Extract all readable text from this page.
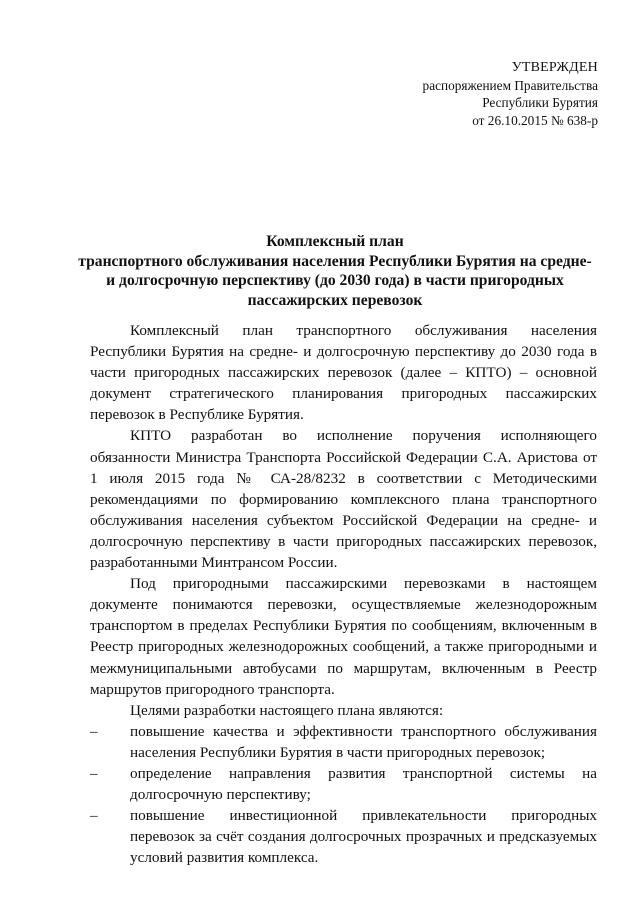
УТВЕРЖДЕН
распоряжением Правительства
Республики Бурятия
от 26.10.2015 № 638-р
Комплексный план
транспортного обслуживания населения Республики Бурятия на средне-
и долгосрочную перспективу (до 2030 года) в части пригородных
пассажирских перевозок

Комплексный план транспортного обслуживания населения Республики Бурятия на средне- и долгосрочную перспективу до 2030 года в части пригородных пассажирских перевозок (далее – КПТО) – основной документ стратегического планирования пригородных пассажирских перевозок в Республике Бурятия.

КПТО разработан во исполнение поручения исполняющего обязанности Министра Транспорта Российской Федерации С.А. Аристова от 1 июля 2015 года № СА-28/8232 в соответствии с Методическими рекомендациями по формированию комплексного плана транспортного обслуживания населения субъектом Российской Федерации на средне- и долгосрочную перспективу в части пригородных пассажирских перевозок, разработанными Минтрансом России.

Под пригородными пассажирскими перевозками в настоящем документе понимаются перевозки, осуществляемые железнодорожным транспортом в пределах Республики Бурятия по сообщениям, включенным в Реестр пригородных железнодорожных сообщений, а также пригородными и межмуниципальными автобусами по маршрутам, включенным в Реестр маршрутов пригородного транспорта.

Целями разработки настоящего плана являются:

– повышение качества и эффективности транспортного обслуживания населения Республики Бурятия в части пригородных перевозок;
– определение направления развития транспортной системы на долгосрочную перспективу;
– повышение инвестиционной привлекательности пригородных перевозок за счёт создания долгосрочных прозрачных и предсказуемых условий развития комплекса.
